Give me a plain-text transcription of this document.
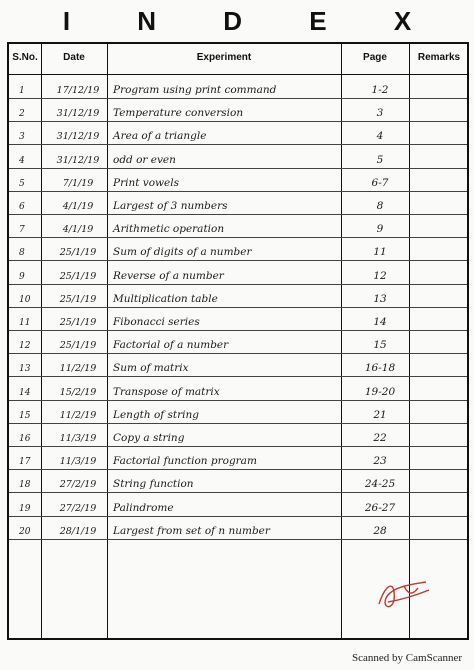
I N D E X
S.No.	Date	Experiment	Page	Remarks
1	17/12/19	Program using print command	1-2
2	31/12/19	Temperature conversion	3
3	31/12/19	Area of a triangle	4
4	31/12/19	odd or even	5
5	7/1/19	Print vowels	6-7
6	4/1/19	Largest of 3 numbers	8
7	4/1/19	Arithmetic operation	9
8	25/1/19	Sum of digits of a number	11
9	25/1/19	Reverse of a number	12
10	25/1/19	Multiplication table	13
11	25/1/19	Fibonacci series	14
12	25/1/19	Factorial of a number	15
13	11/2/19	Sum of matrix	16-18
14	15/2/19	Transpose of matrix	19-20
15	11/2/19	Length of string	21
16	11/3/19	Copy a string	22
17	11/3/19	Factorial function program	23
18	27/2/19	String function	24-25
19	27/2/19	Palindrome	26-27
20	28/1/19	Largest from set of n number	28
Scanned by CamScanner
